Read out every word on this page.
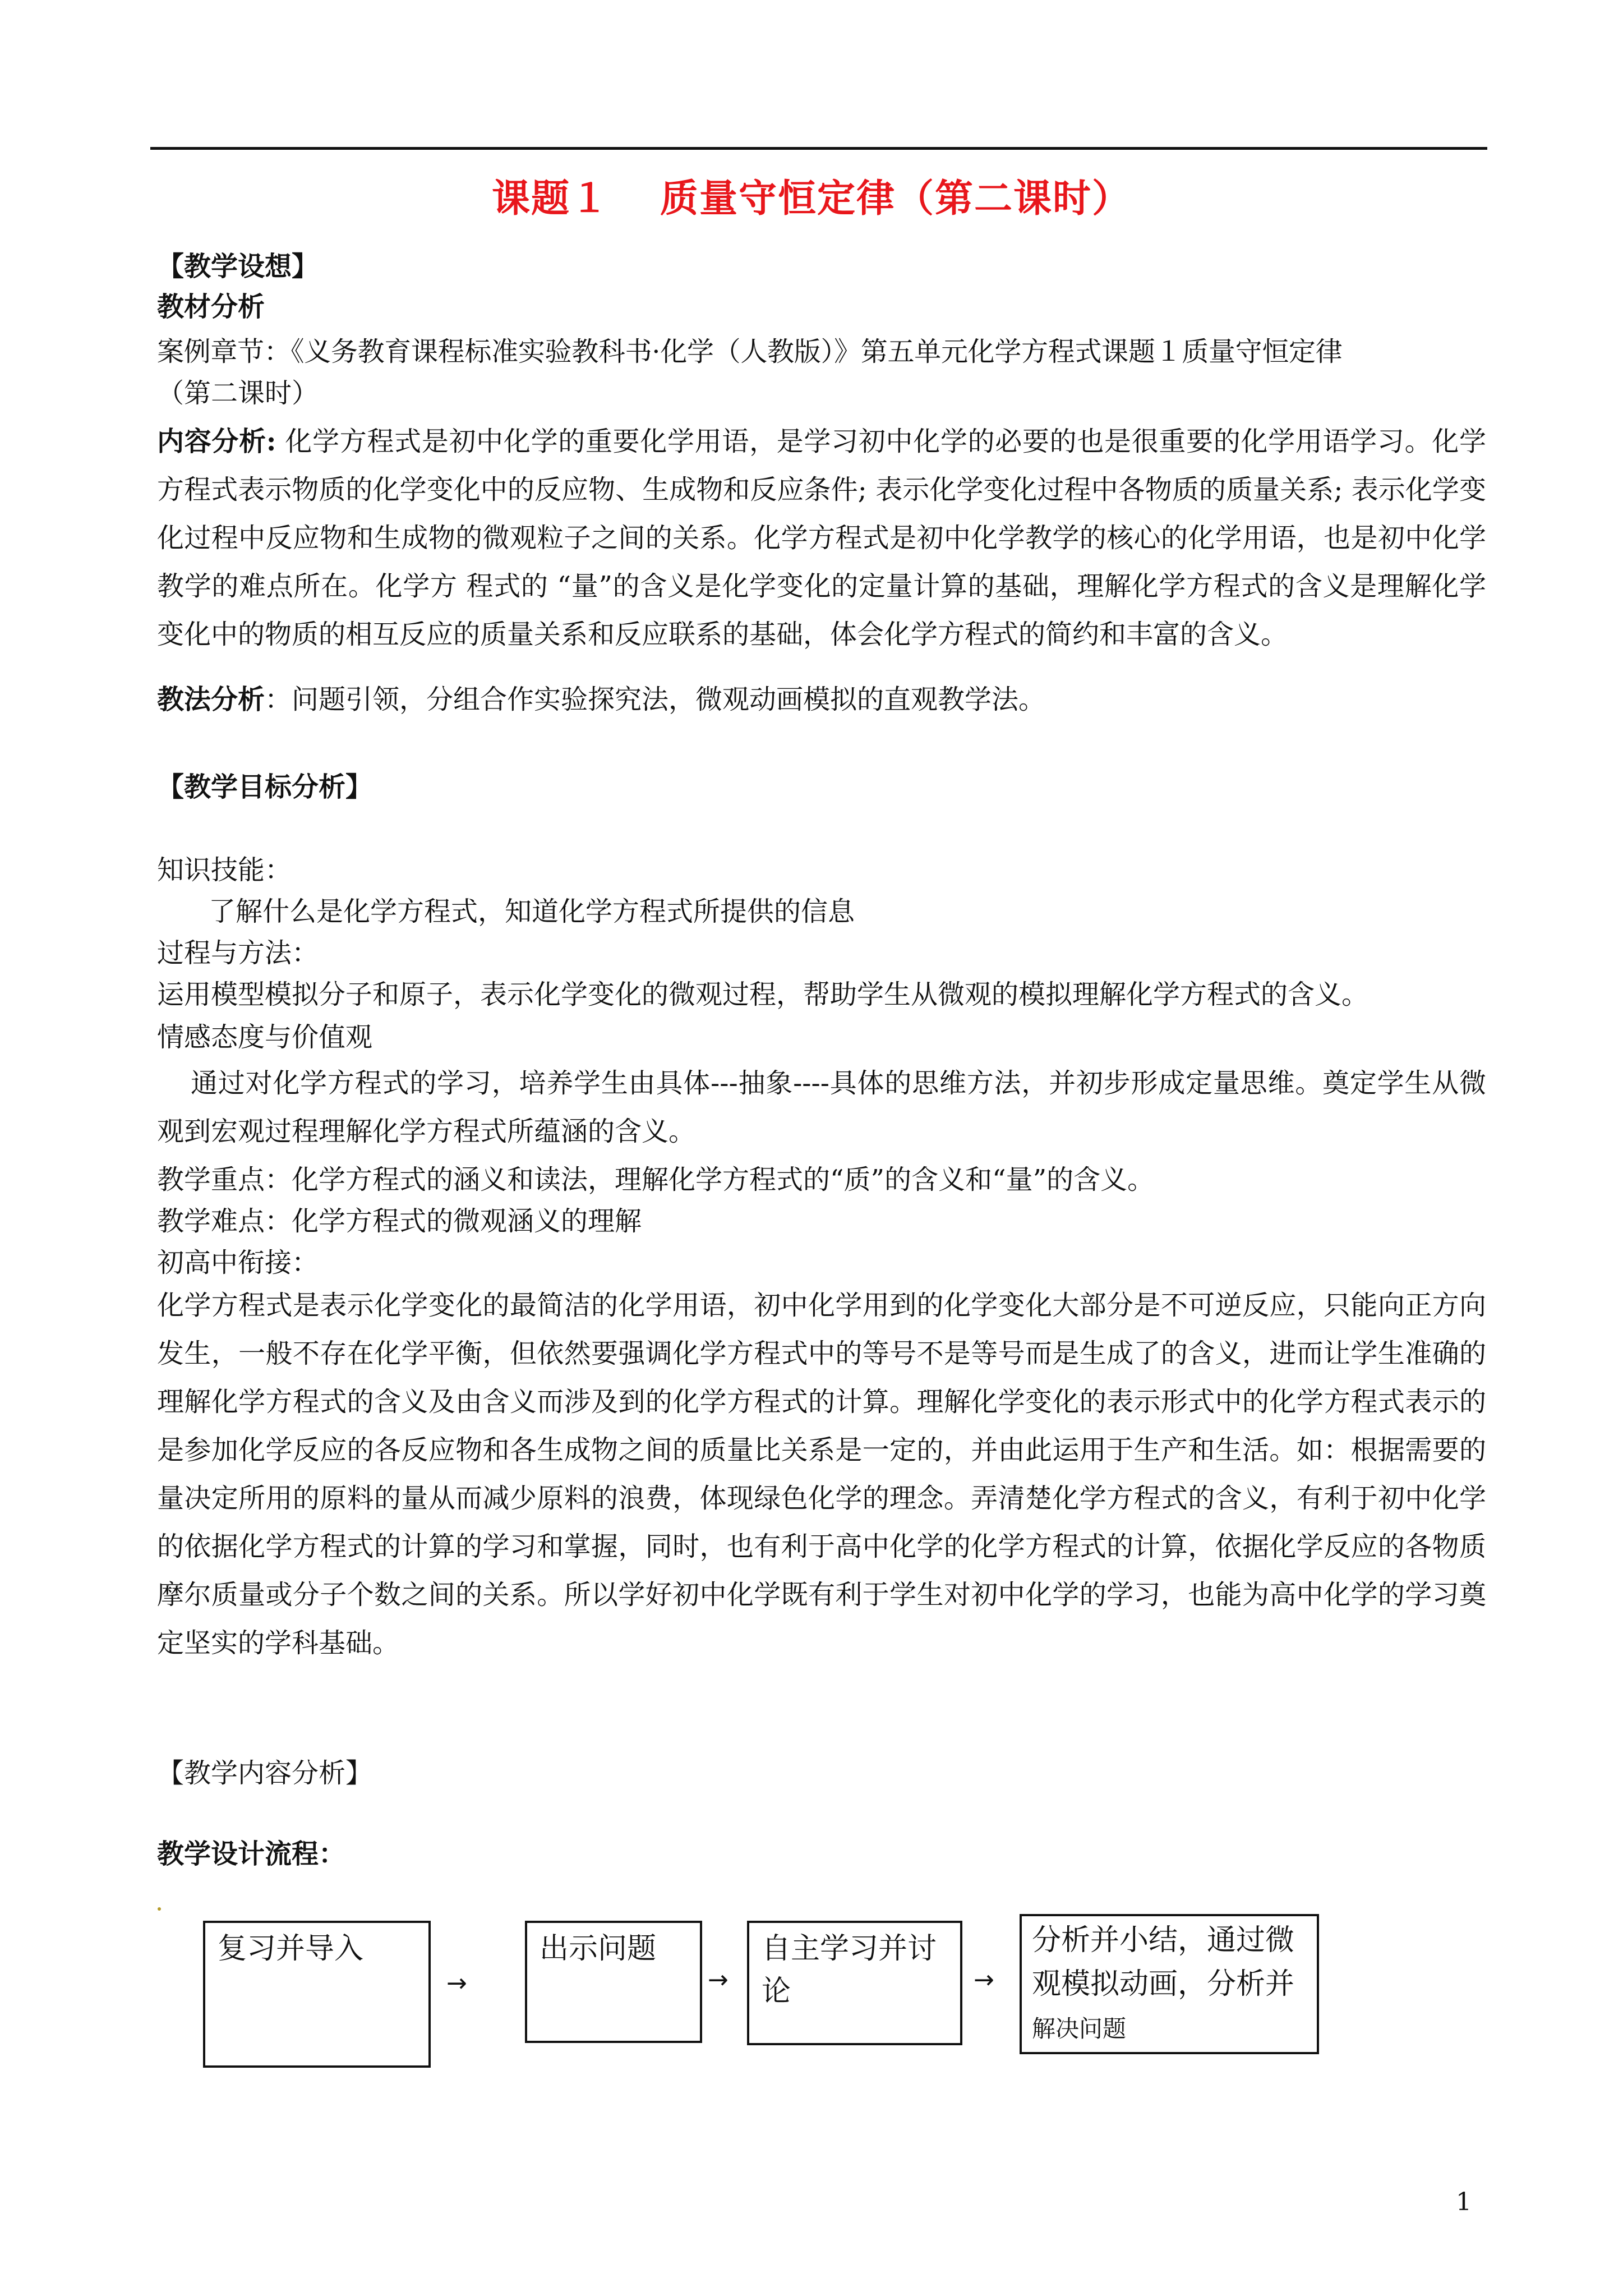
课题１ 质量守恒定律（第二课时）
【教学设想】
教材分析
案例章节：《义务教育课程标准实验教科书·化学（人教版）》第五单元化学方程式课题１质量守恒定律
（第二课时）
内容分析: 化学方程式是初中化学的重要化学用语，是学习初中化学的必要的也是很重要的化学用语学习。化学方程式表示物质的化学变化中的反应物、生成物和反应条件; 表示化学变化过程中各物质的质量关系; 表示化学变化过程中反应物和生成物的微观粒子之间的关系。化学方程式是初中化学教学的核心的化学用语，也是初中化学教学的难点所在。化学方 程式的 “量”的含义是化学变化的定量计算的基础，理解化学方程式的含义是理解化学变化中的物质的相互反应的质量关系和反应联系的基础，体会化学方程式的简约和丰富的含义。
教法分析：问题引领，分组合作实验探究法，微观动画模拟的直观教学法。
【教学目标分析】
知识技能：
了解什么是化学方程式，知道化学方程式所提供的信息
过程与方法：
运用模型模拟分子和原子，表示化学变化的微观过程，帮助学生从微观的模拟理解化学方程式的含义。
情感态度与价值观
通过对化学方程式的学习，培养学生由具体---抽象----具体的思维方法，并初步形成定量思维。奠定学生从微观到宏观过程理解化学方程式所蕴涵的含义。
教学重点：化学方程式的涵义和读法，理解化学方程式的“质”的含义和“量”的含义。
教学难点：化学方程式的微观涵义的理解
初高中衔接：
化学方程式是表示化学变化的最简洁的化学用语，初中化学用到的化学变化大部分是不可逆反应，只能向正方向发生，一般不存在化学平衡，但依然要强调化学方程式中的等号不是等号而是生成了的含义，进而让学生准确的理解化学方程式的含义及由含义而涉及到的化学方程式的计算。理解化学变化的表示形式中的化学方程式表示的是参加化学反应的各反应物和各生成物之间的质量比关系是一定的，并由此运用于生产和生活。如：根据需要的量决定所用的原料的量从而减少原料的浪费，体现绿色化学的理念。弄清楚化学方程式的含义，有利于初中化学的依据化学方程式的计算的学习和掌握，同时，也有利于高中化学的化学方程式的计算，依据化学反应的各物质摩尔质量或分子个数之间的关系。所以学好初中化学既有利于学生对初中化学的学习，也能为高中化学的学习奠定坚实的学科基础。
【教学内容分析】
教学设计流程：
复习并导入
→
出示问题
→
自主学习并讨论	→
分析并小结，通过微观模拟动画，分析并
解决问题
1
